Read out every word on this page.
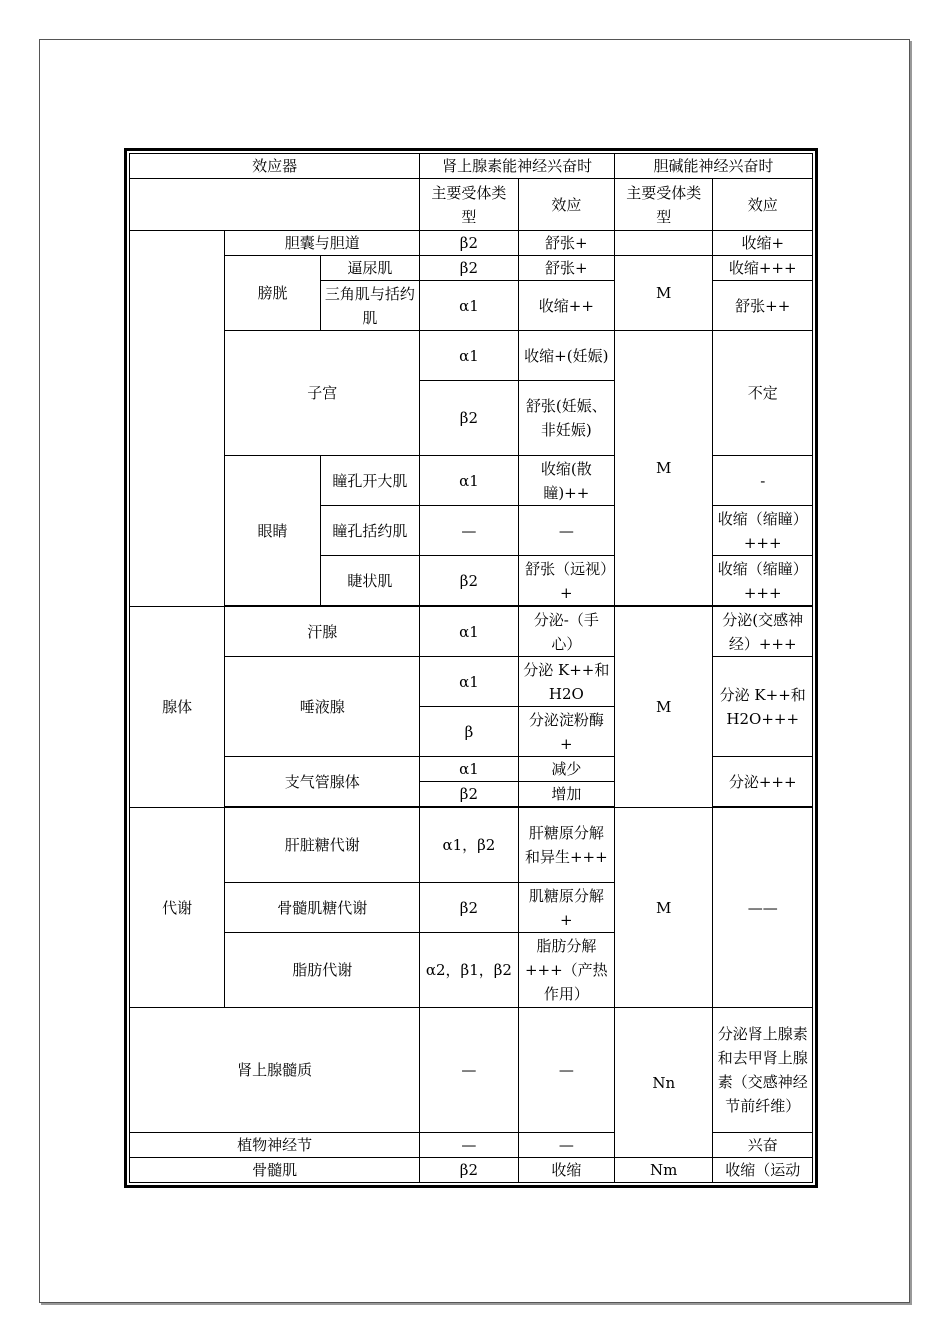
效应器			肾上腺素能神经兴奋时		胆碱能神经兴奋时	
			主要受体类型	效应	主要受体类型	效应
	胆囊与胆道		β2	舒张+		收缩+
	膀胱	逼尿肌	β2	舒张+	M	收缩+++
		三角肌与括约肌	α1	收缩++		舒张++
	子宫		α1	收缩+(妊娠)	M	不定
			β2	舒张(妊娠、非妊娠)		
	眼睛	瞳孔开大肌	α1	收缩(散瞳)++		-
		瞳孔括约肌	—	—		收缩（缩瞳）+++
		睫状肌	β2	舒张（远视）+		收缩（缩瞳）+++

腺体	汗腺		α1	分泌-（手心）	M	分泌(交感神经）+++
	唾液腺		α1	分泌 K++和 H2O		分泌 K++和H2O+++
			β	分泌淀粉酶+		
	支气管腺体		α1	减少		分泌+++
			β2	增加		

代谢	肝脏糖代谢		α1，β2	肝糖原分解和异生+++	M	——
	骨髓肌糖代谢		β2	肌糖原分解+		
	脂肪代谢		α2，β1，β2	脂肪分解+++（产热作用）		
肾上腺髓质			—	—	Nn	分泌肾上腺素和去甲肾上腺素（交感神经节前纤维）
植物神经节			—	—		兴奋
骨髓肌			β2	收缩	Nm	收缩（运动
